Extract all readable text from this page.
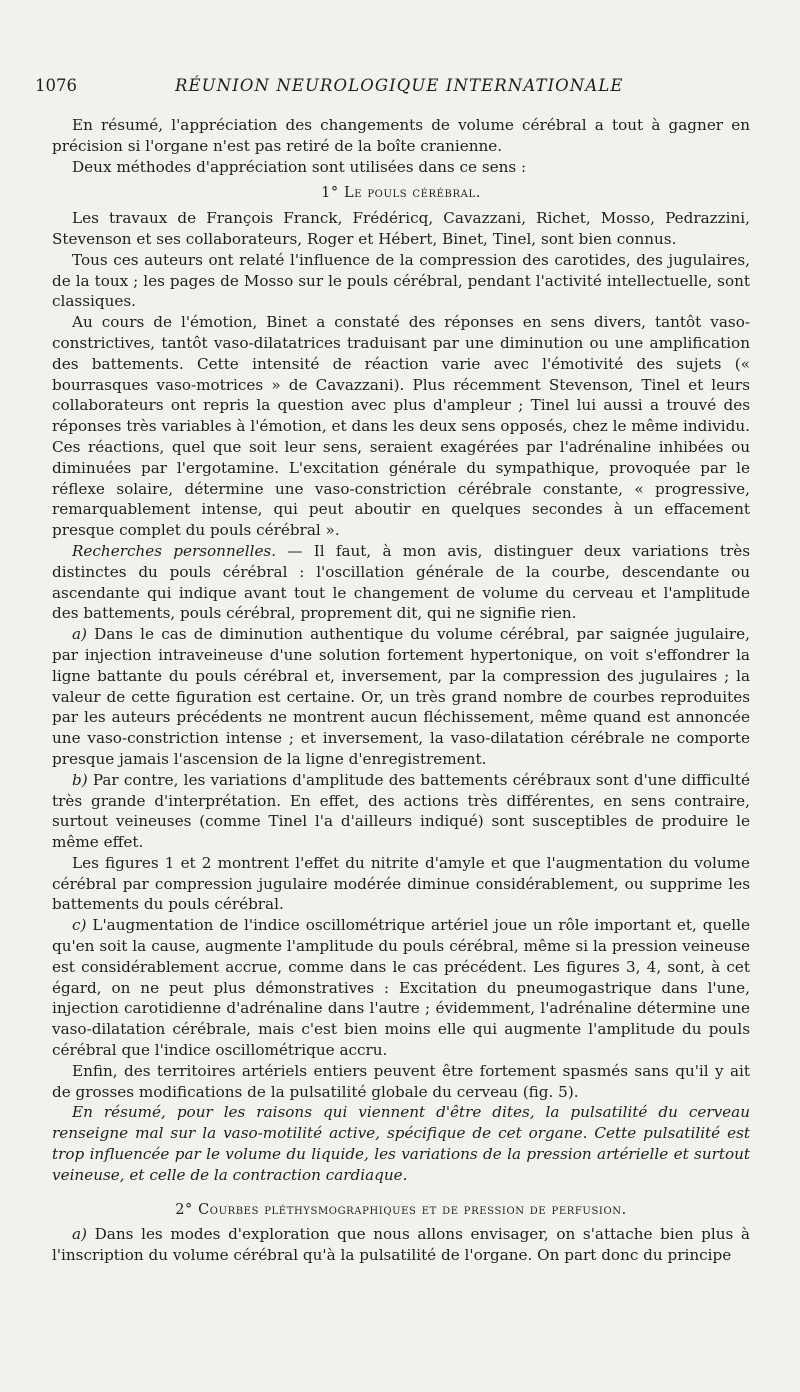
1076	RÉUNION NEUROLOGIQUE INTERNATIONALE

En résumé, l'appréciation des changements de volume cérébral a tout à gagner en précision si l'organe n'est pas retiré de la boîte cranienne.

Deux méthodes d'appréciation sont utilisées dans ce sens :

1° Le pouls cérébral.

Les travaux de François Franck, Frédéricq, Cavazzani, Richet, Mosso, Pedrazzini, Stevenson et ses collaborateurs, Roger et Hébert, Binet, Tinel, sont bien connus.

Tous ces auteurs ont relaté l'influence de la compression des carotides, des jugulaires, de la toux ; les pages de Mosso sur le pouls cérébral, pendant l'activité intellectuelle, sont classiques.

Au cours de l'émotion, Binet a constaté des réponses en sens divers, tantôt vaso-constrictives, tantôt vaso-dilatatrices traduisant par une diminution ou une amplification des battements. Cette intensité de réaction varie avec l'émotivité des sujets (« bourrasques vaso-motrices » de Cavazzani). Plus récemment Stevenson, Tinel et leurs collaborateurs ont repris la question avec plus d'ampleur ; Tinel lui aussi a trouvé des réponses très variables à l'émotion, et dans les deux sens opposés, chez le même individu. Ces réactions, quel que soit leur sens, seraient exagérées par l'adrénaline inhibées ou diminuées par l'ergotamine. L'excitation générale du sympathique, provoquée par le réflexe solaire, détermine une vaso-constriction cérébrale constante, « progressive, remarquablement intense, qui peut aboutir en quelques secondes à un effacement presque complet du pouls cérébral ».

Recherches personnelles. — Il faut, à mon avis, distinguer deux variations très distinctes du pouls cérébral : l'oscillation générale de la courbe, descendante ou ascendante qui indique avant tout le changement de volume du cerveau et l'amplitude des battements, pouls cérébral, proprement dit, qui ne signifie rien.

a) Dans le cas de diminution authentique du volume cérébral, par saignée jugulaire, par injection intraveineuse d'une solution fortement hypertonique, on voit s'effondrer la ligne battante du pouls cérébral et, inversement, par la compression des jugulaires ; la valeur de cette figuration est certaine. Or, un très grand nombre de courbes reproduites par les auteurs précédents ne montrent aucun fléchissement, même quand est annoncée une vaso-constriction intense ; et inversement, la vaso-dilatation cérébrale ne comporte presque jamais l'ascension de la ligne d'enregistrement.

b) Par contre, les variations d'amplitude des battements cérébraux sont d'une difficulté très grande d'interprétation. En effet, des actions très différentes, en sens contraire, surtout veineuses (comme Tinel l'a d'ailleurs indiqué) sont susceptibles de produire le même effet.

Les figures 1 et 2 montrent l'effet du nitrite d'amyle et que l'augmentation du volume cérébral par compression jugulaire modérée diminue considérablement, ou supprime les battements du pouls cérébral.

c) L'augmentation de l'indice oscillométrique artériel joue un rôle important et, quelle qu'en soit la cause, augmente l'amplitude du pouls cérébral, même si la pression veineuse est considérablement accrue, comme dans le cas précédent. Les figures 3, 4, sont, à cet égard, on ne peut plus démonstratives : Excitation du pneumogastrique dans l'une, injection carotidienne d'adrénaline dans l'autre ; évidemment, l'adrénaline détermine une vaso-dilatation cérébrale, mais c'est bien moins elle qui augmente l'amplitude du pouls cérébral que l'indice oscillométrique accru.

Enfin, des territoires artériels entiers peuvent être fortement spasmés sans qu'il y ait de grosses modifications de la pulsatilité globale du cerveau (fig. 5).

En résumé, pour les raisons qui viennent d'être dites, la pulsatilité du cerveau renseigne mal sur la vaso-motilité active, spécifique de cet organe. Cette pulsatilité est trop influencée par le volume du liquide, les variations de la pression artérielle et surtout veineuse, et celle de la contraction cardiaque.

2° Courbes pléthysmographiques et de pression de perfusion.

a) Dans les modes d'exploration que nous allons envisager, on s'attache bien plus à l'inscription du volume cérébral qu'à la pulsatilité de l'organe. On part donc du principe
